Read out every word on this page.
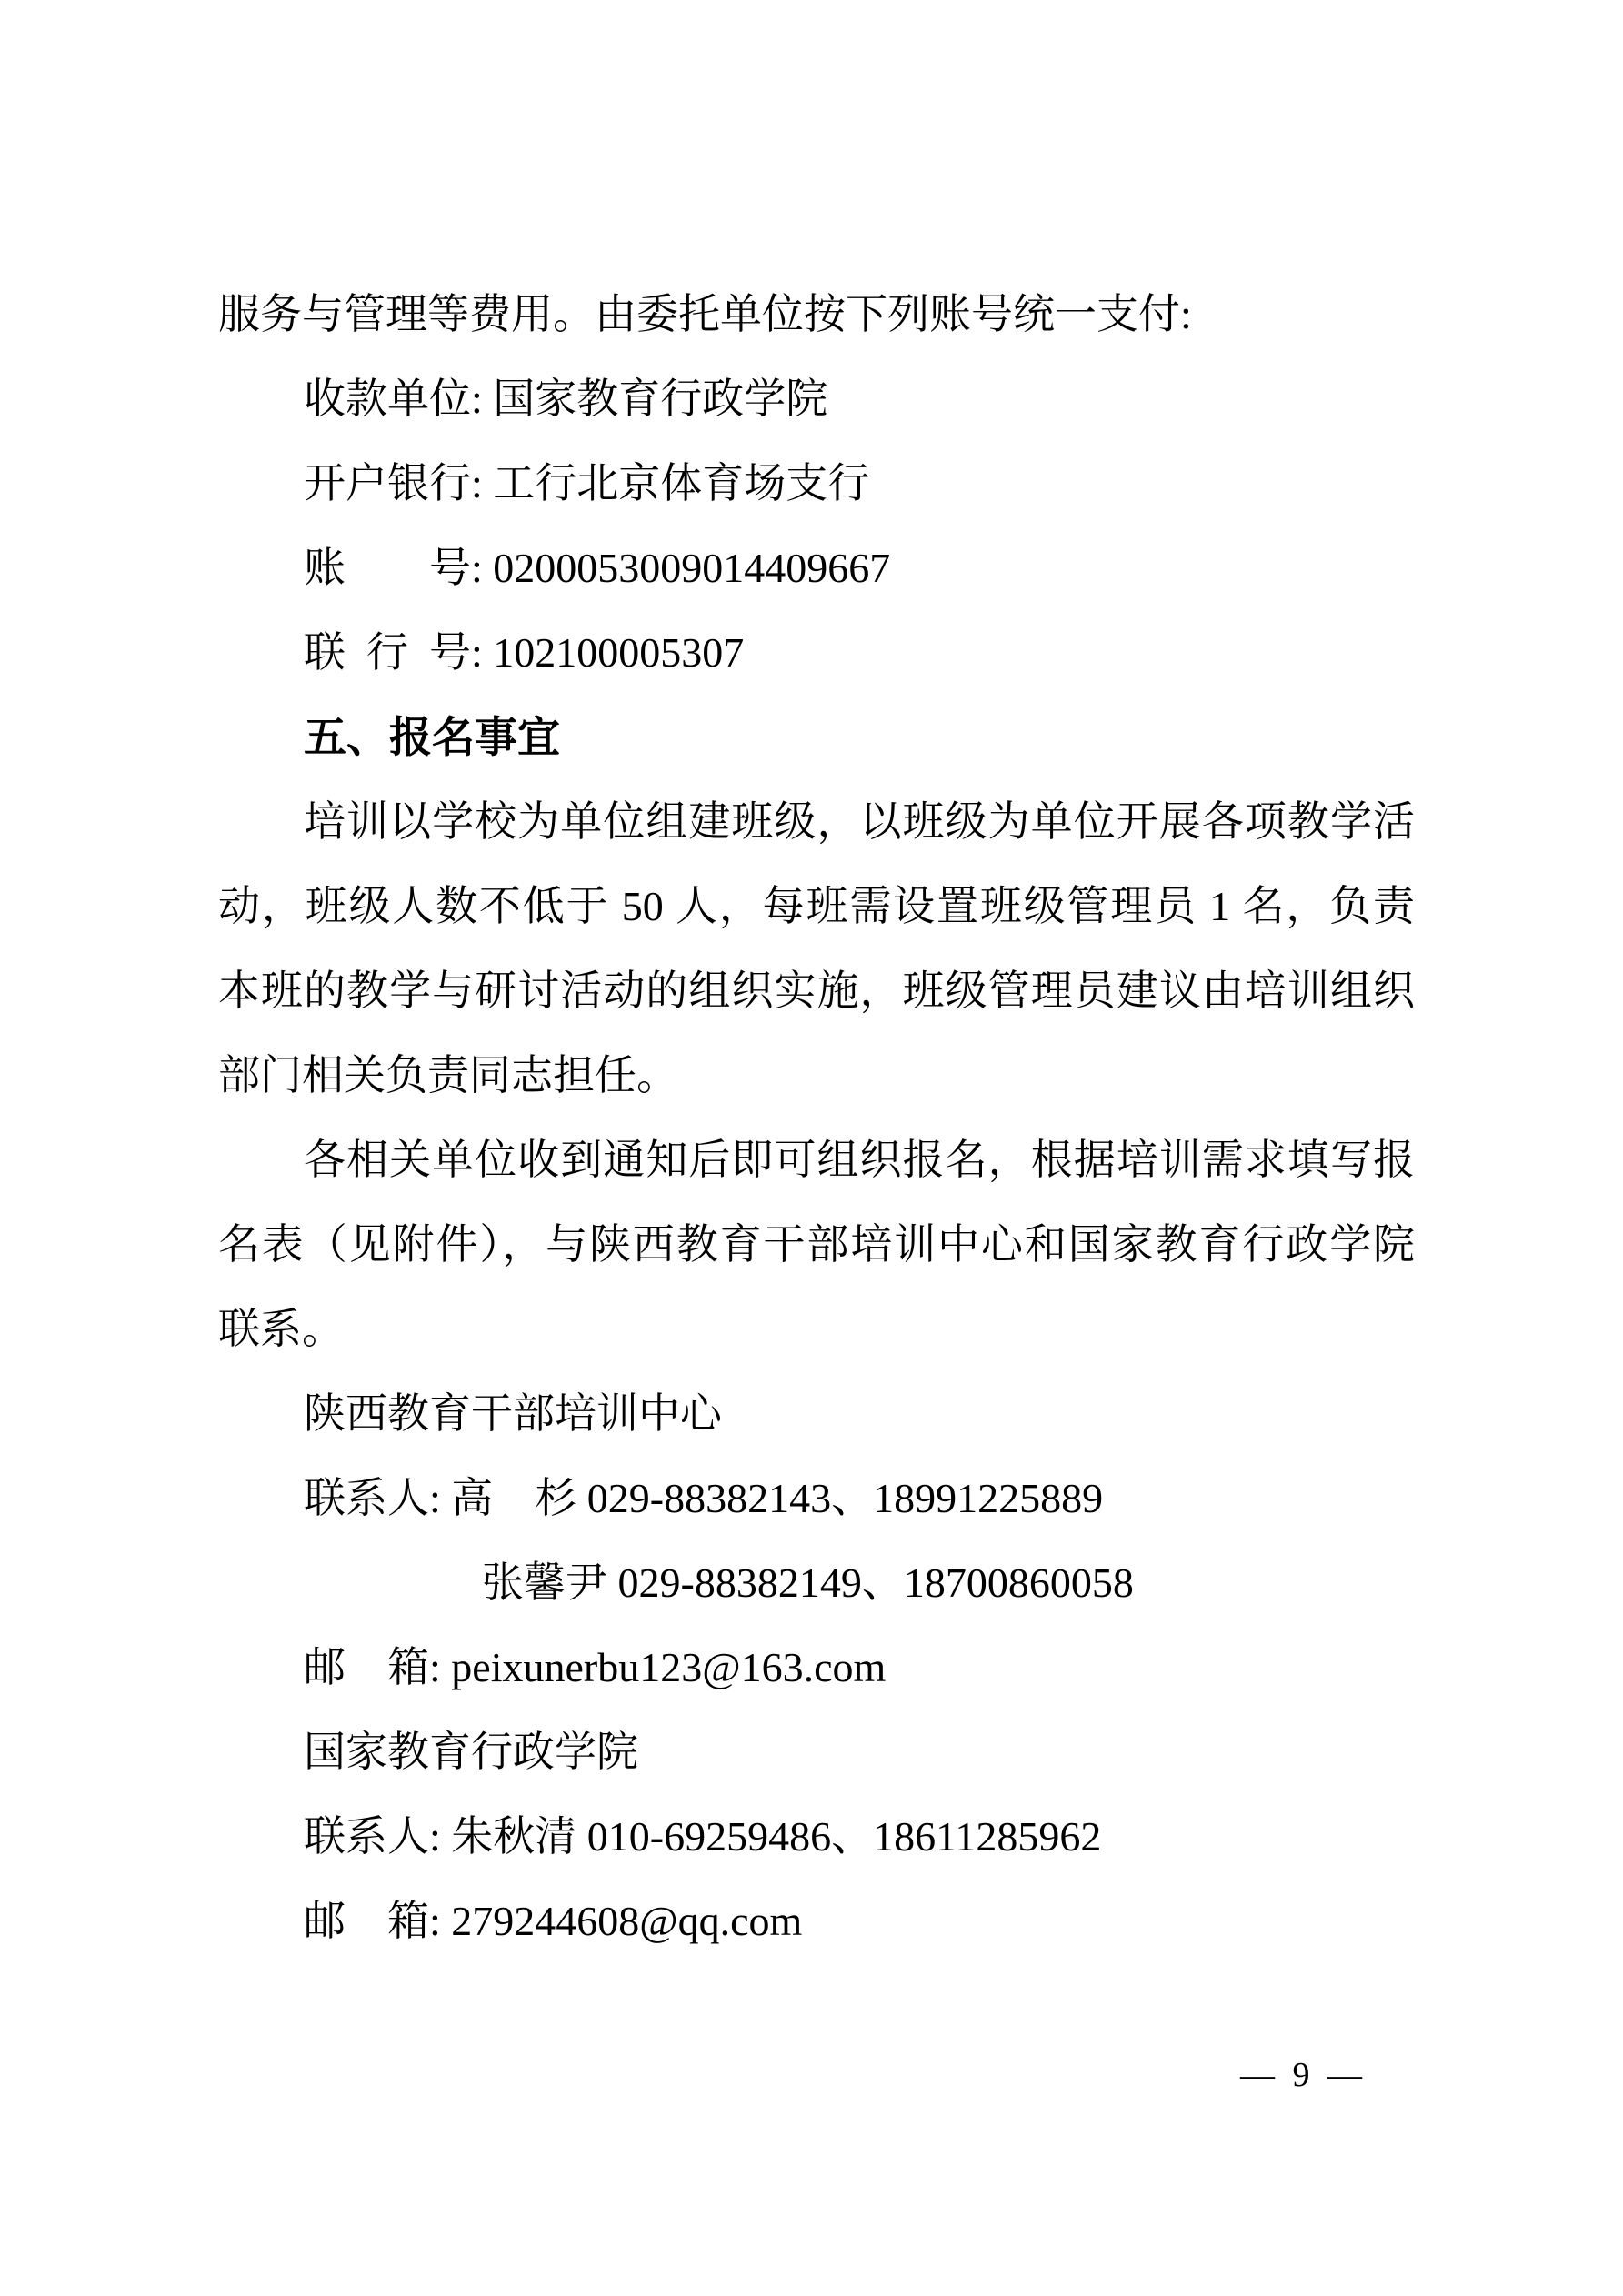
服务与管理等费用。由委托单位按下列账号统一支付:
收款单位: 国家教育行政学院
开户银行: 工行北京体育场支行
账　　号: 0200053009014409667
联 行 号: 102100005307
五、报名事宜
培训以学校为单位组建班级，以班级为单位开展各项教学活
动，班级人数不低于 50 人，每班需设置班级管理员 1 名，负责
本班的教学与研讨活动的组织实施，班级管理员建议由培训组织
部门相关负责同志担任。
各相关单位收到通知后即可组织报名，根据培训需求填写报
名表（见附件），与陕西教育干部培训中心和国家教育行政学院
联系。
陕西教育干部培训中心
联系人: 高　杉 029-88382143、18991225889
张馨尹 029-88382149、18700860058
邮　箱: peixunerbu123@163.com
国家教育行政学院
联系人: 朱秋清 010-69259486、18611285962
邮　箱: 279244608@qq.com
— 9 —
